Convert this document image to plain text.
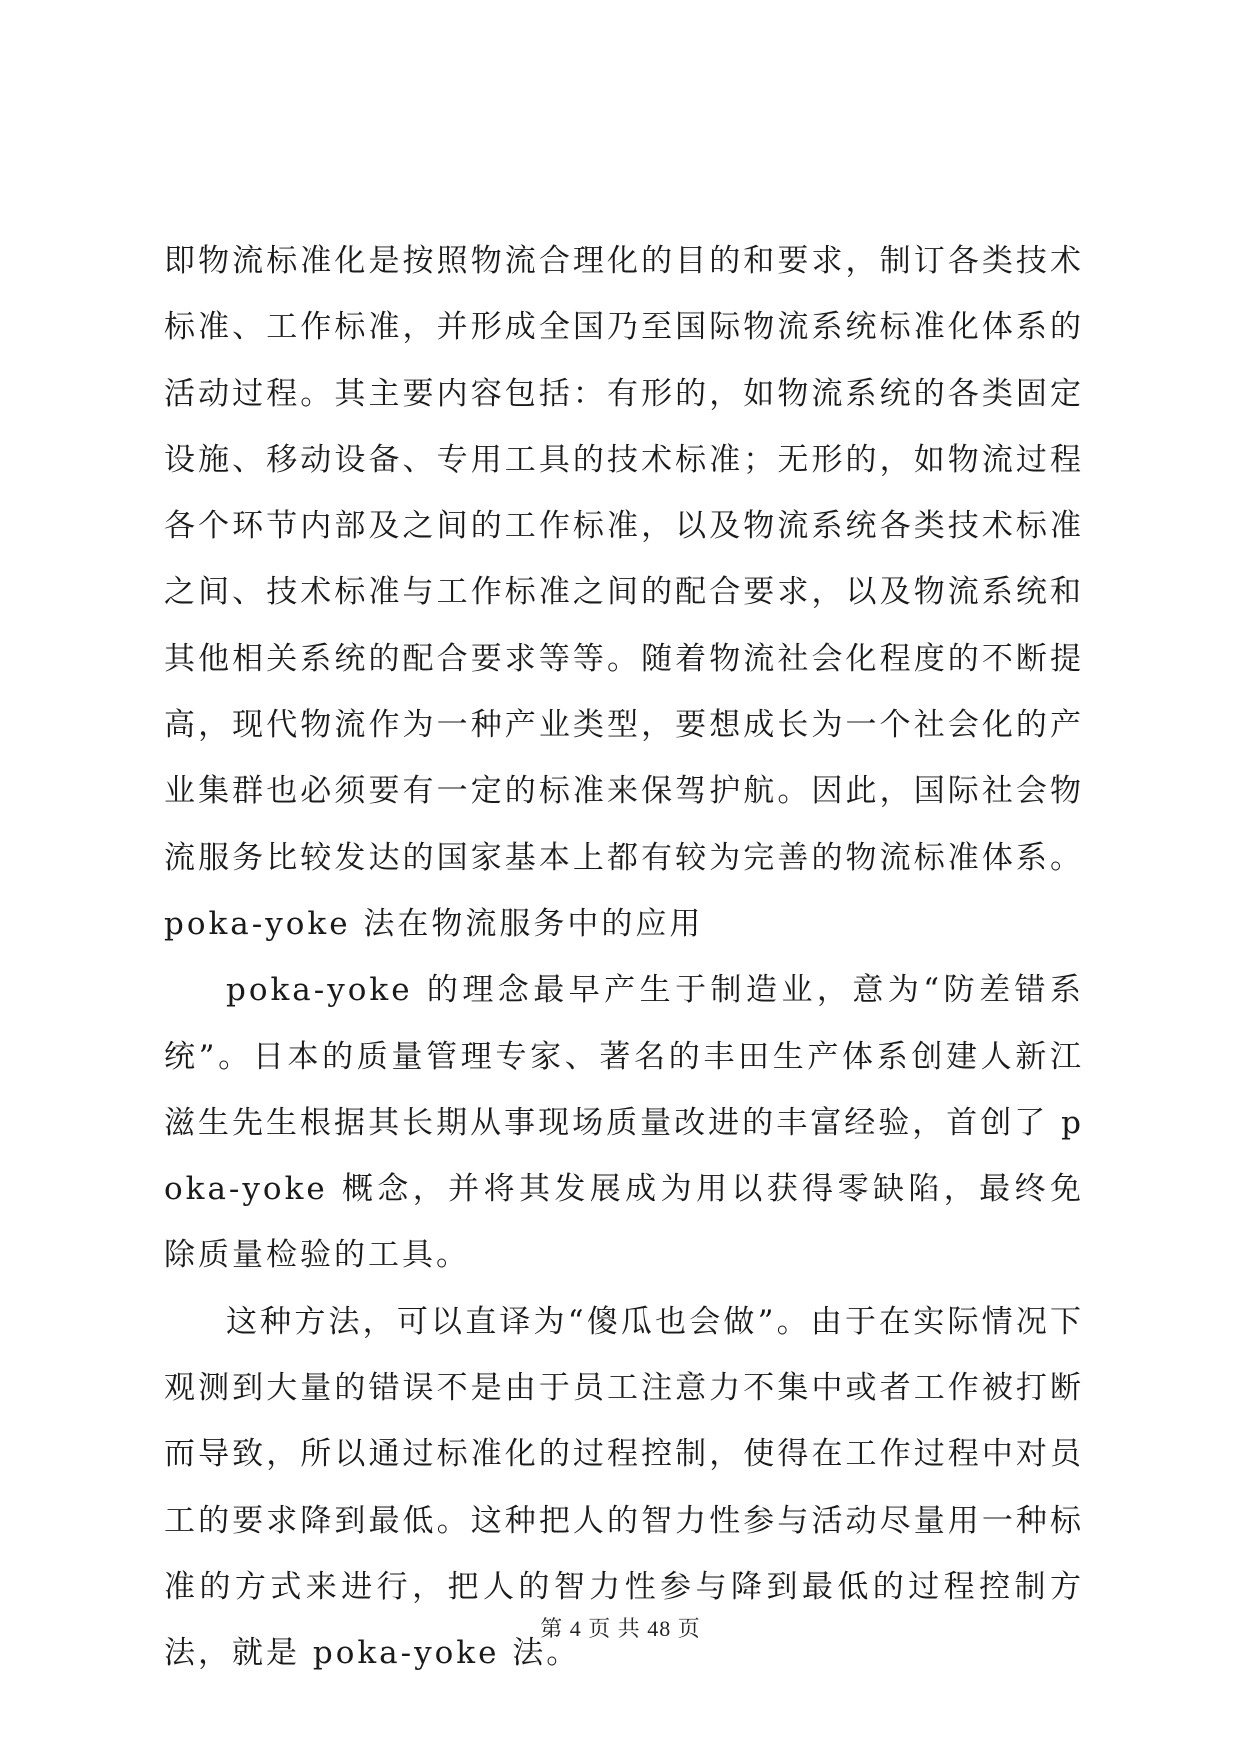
即物流标准化是按照物流合理化的目的和要求，制订各类技术标准、工作标准，并形成全国乃至国际物流系统标准化体系的活动过程。其主要内容包括：有形的，如物流系统的各类固定设施、移动设备、专用工具的技术标准；无形的，如物流过程各个环节内部及之间的工作标准，以及物流系统各类技术标准之间、技术标准与工作标准之间的配合要求，以及物流系统和其他相关系统的配合要求等等。随着物流社会化程度的不断提高，现代物流作为一种产业类型，要想成长为一个社会化的产业集群也必须要有一定的标准来保驾护航。因此，国际社会物流服务比较发达的国家基本上都有较为完善的物流标准体系。poka-yoke 法在物流服务中的应用

poka-yoke 的理念最早产生于制造业，意为“防差错系统”。日本的质量管理专家、著名的丰田生产体系创建人新江滋生先生根据其长期从事现场质量改进的丰富经验，首创了 poka-yoke 概念，并将其发展成为用以获得零缺陷，最终免除质量检验的工具。

这种方法，可以直译为“傻瓜也会做”。由于在实际情况下观测到大量的错误不是由于员工注意力不集中或者工作被打断而导致，所以通过标准化的过程控制，使得在工作过程中对员工的要求降到最低。这种把人的智力性参与活动尽量用一种标准的方式来进行，把人的智力性参与降到最低的过程控制方法，就是 poka-yoke 法。

第 4 页 共 48 页
